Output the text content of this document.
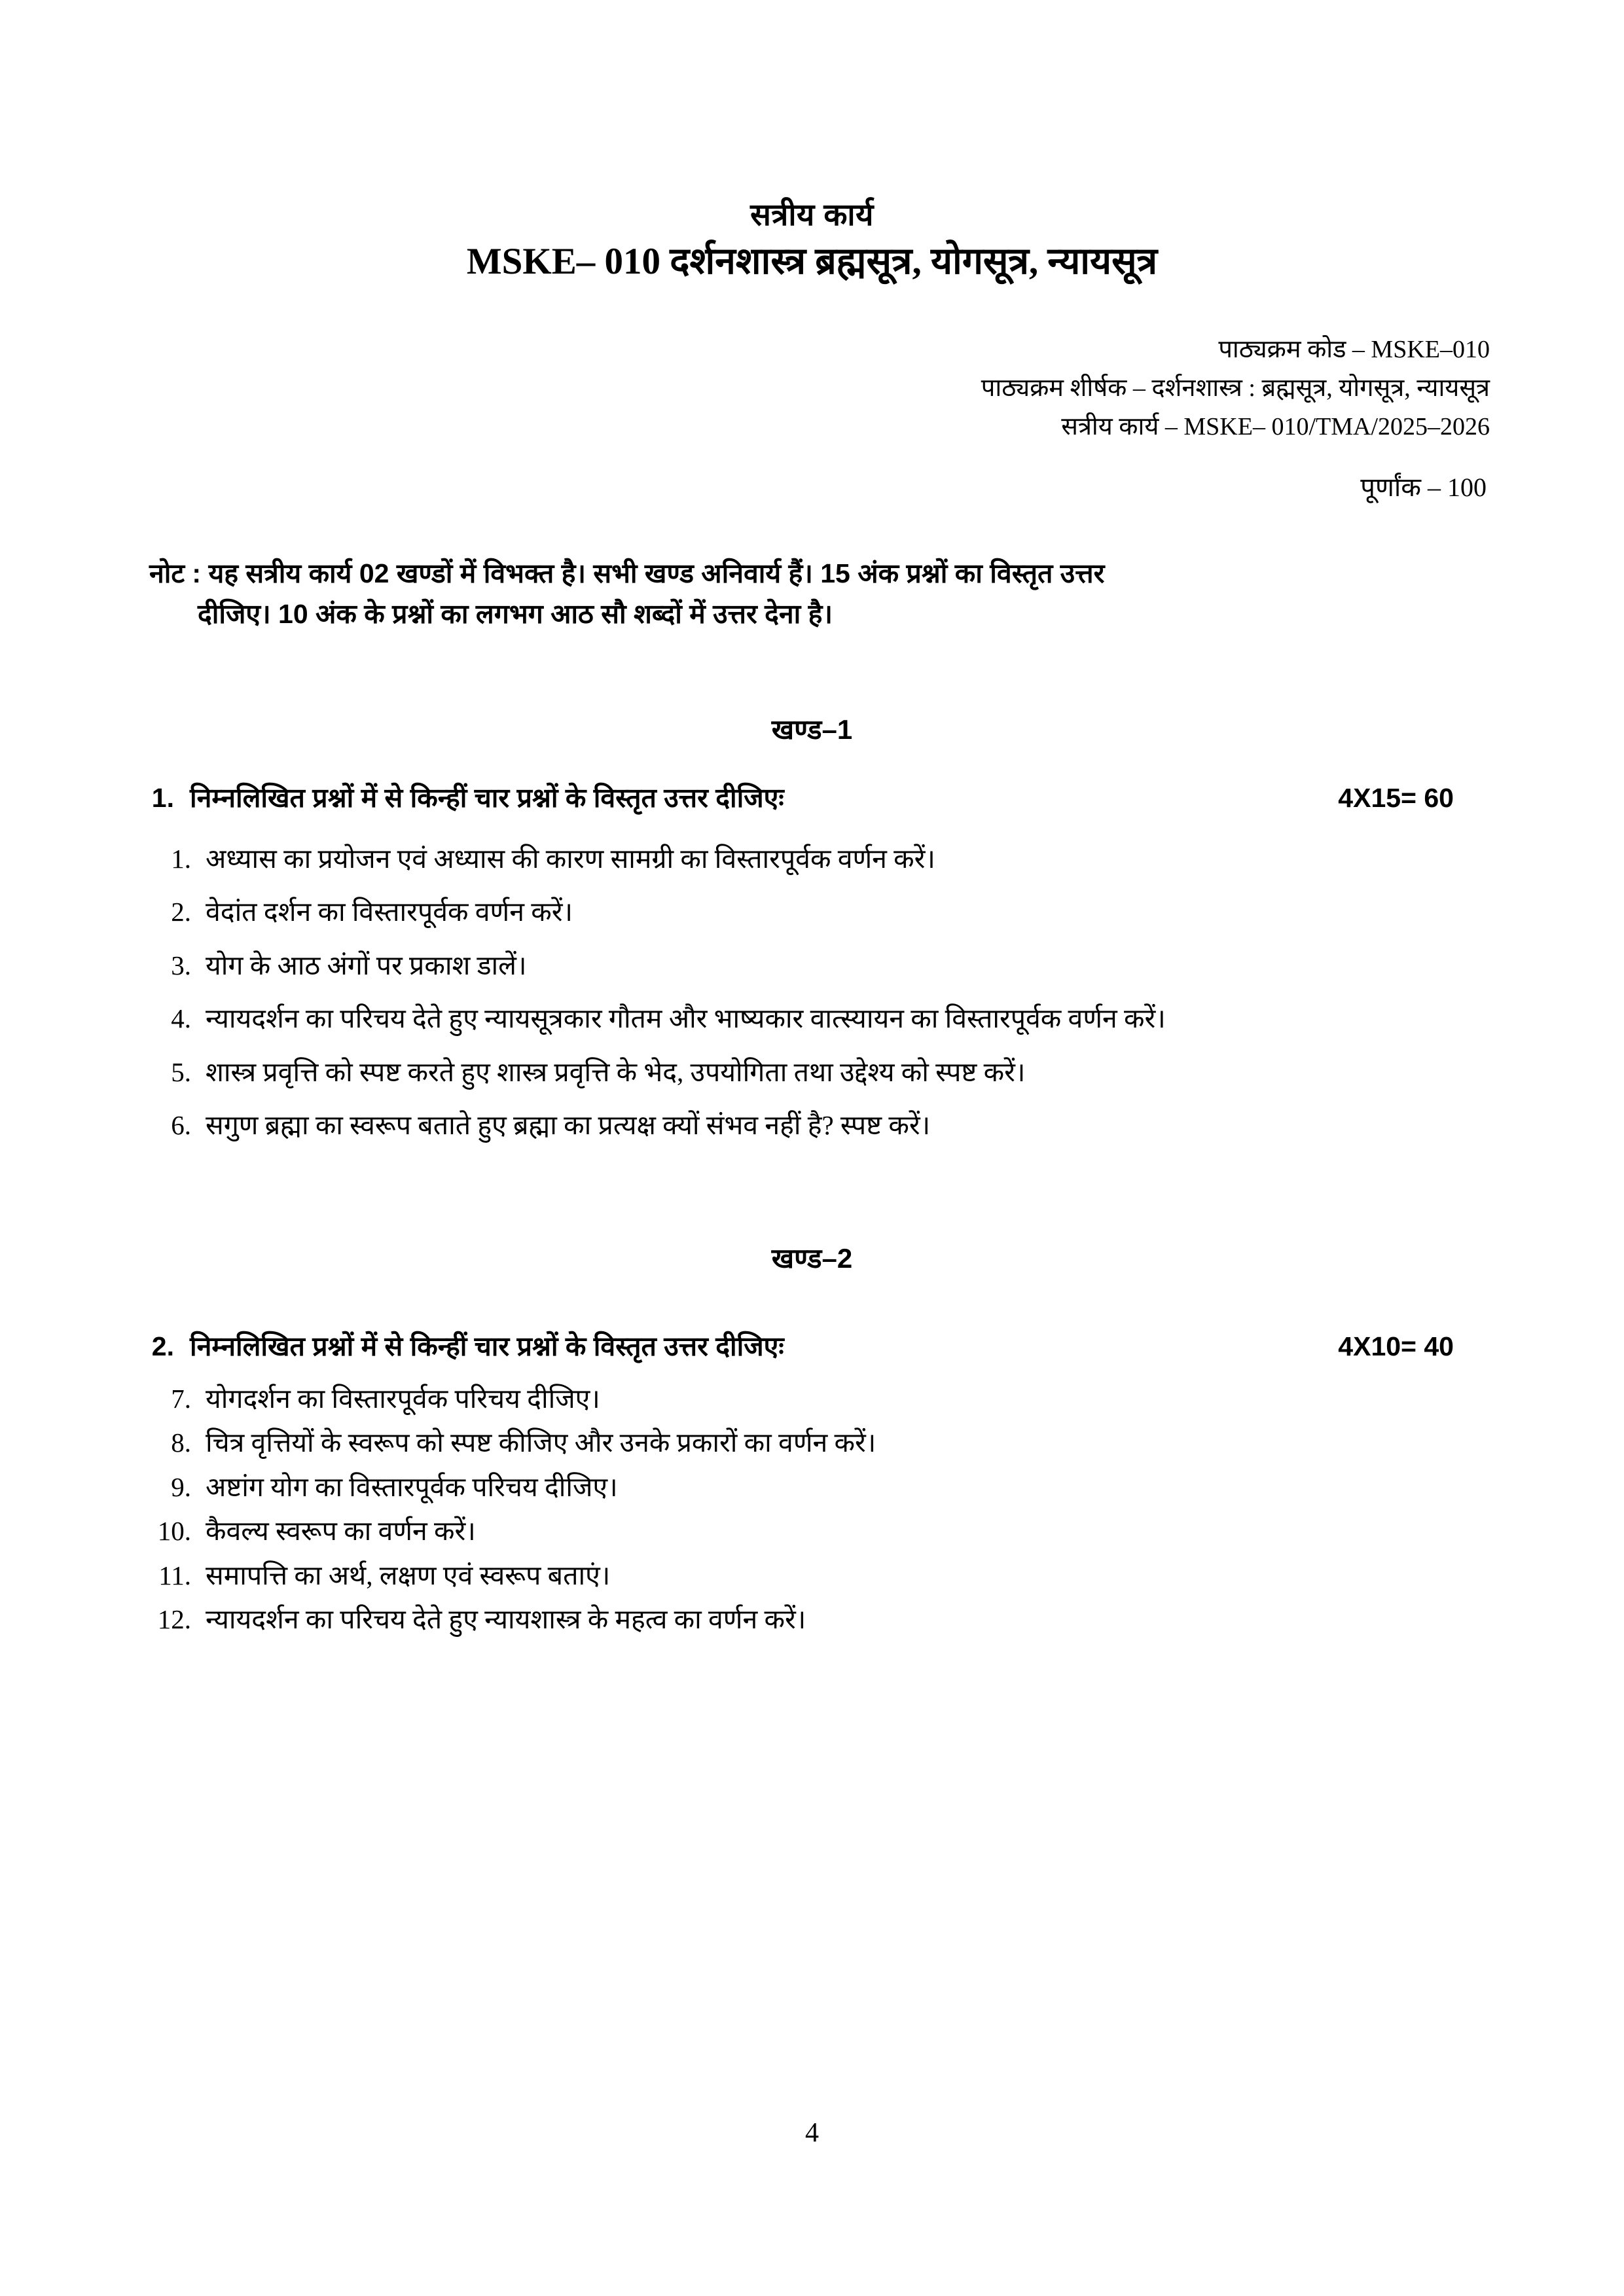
सत्रीय कार्य
MSKE– 010 दर्शनशास्त्र ब्रह्मसूत्र, योगसूत्र, न्यायसूत्र
पाठ्यक्रम कोड – MSKE–010
पाठ्यक्रम शीर्षक – दर्शनशास्त्र : ब्रह्मसूत्र, योगसूत्र, न्यायसूत्र
सत्रीय कार्य – MSKE– 010/TMA/2025–2026
पूर्णांक – 100
नोट : यह सत्रीय कार्य 02 खण्डों में विभक्त है। सभी खण्ड अनिवार्य हैं। 15 अंक प्रश्नों का विस्तृत उत्तर
दीजिए। 10 अंक के प्रश्नों का लगभग आठ सौ शब्दों में उत्तर देना है।
खण्ड–1
1. निम्नलिखित प्रश्नों में से किन्हीं चार प्रश्नों के विस्तृत उत्तर दीजिएः	4X15= 60
1. अध्यास का प्रयोजन एवं अध्यास की कारण सामग्री का विस्तारपूर्वक वर्णन करें।
2. वेदांत दर्शन का विस्तारपूर्वक वर्णन करें।
3. योग के आठ अंगों पर प्रकाश डालें।
4. न्यायदर्शन का परिचय देते हुए न्यायसूत्रकार गौतम और भाष्यकार वात्स्यायन का विस्तारपूर्वक वर्णन करें।
5. शास्त्र प्रवृत्ति को स्पष्ट करते हुए शास्त्र प्रवृत्ति के भेद, उपयोगिता तथा उद्देश्य को स्पष्ट करें।
6. सगुण ब्रह्मा का स्वरूप बताते हुए ब्रह्मा का प्रत्यक्ष क्यों संभव नहीं है? स्पष्ट करें।
खण्ड–2
2. निम्नलिखित प्रश्नों में से किन्हीं चार प्रश्नों के विस्तृत उत्तर दीजिएः	4X10= 40
7. योगदर्शन का विस्तारपूर्वक परिचय दीजिए।
8. चित्र वृत्तियों के स्वरूप को स्पष्ट कीजिए और उनके प्रकारों का वर्णन करें।
9. अष्टांग योग का विस्तारपूर्वक परिचय दीजिए।
10. कैवल्य स्वरूप का वर्णन करें।
11. समापत्ति का अर्थ, लक्षण एवं स्वरूप बताएं।
12. न्यायदर्शन का परिचय देते हुए न्यायशास्त्र के महत्व का वर्णन करें।
4
